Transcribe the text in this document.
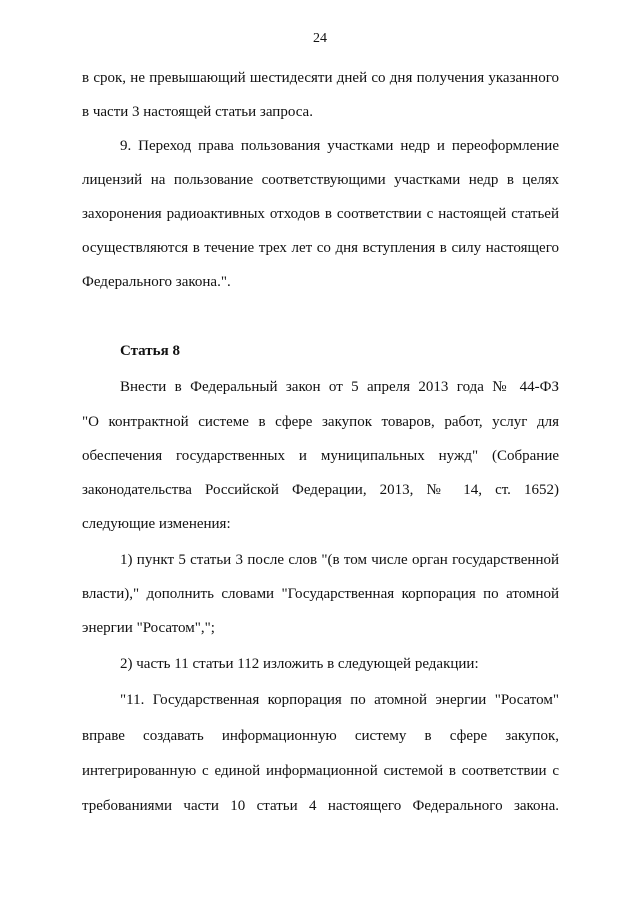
24
в срок, не превышающий шестидесяти дней со дня получения указанного
в части 3 настоящей статьи запроса.
9. Переход права пользования участками недр и переоформление
лицензий на пользование соответствующими участками недр в целях
захоронения радиоактивных отходов в соответствии с настоящей статьей
осуществляются в течение трех лет со дня вступления в силу настоящего
Федерального закона.".
Статья 8
Внести в Федеральный закон от 5 апреля 2013 года № 44-ФЗ
"О контрактной системе в сфере закупок товаров, работ, услуг для
обеспечения государственных и муниципальных нужд" (Собрание
законодательства Российской Федерации, 2013, № 14, ст. 1652)
следующие изменения:
1) пункт 5 статьи 3 после слов "(в том числе орган государственной
власти)," дополнить словами "Государственная корпорация по атомной
энергии "Росатом",";
2) часть 11 статьи 112 изложить в следующей редакции:
"11. Государственная корпорация по атомной энергии "Росатом"
вправе создавать информационную систему в сфере закупок,
интегрированную с единой информационной системой в соответствии с
требованиями части 10 статьи 4 настоящего Федерального закона.
